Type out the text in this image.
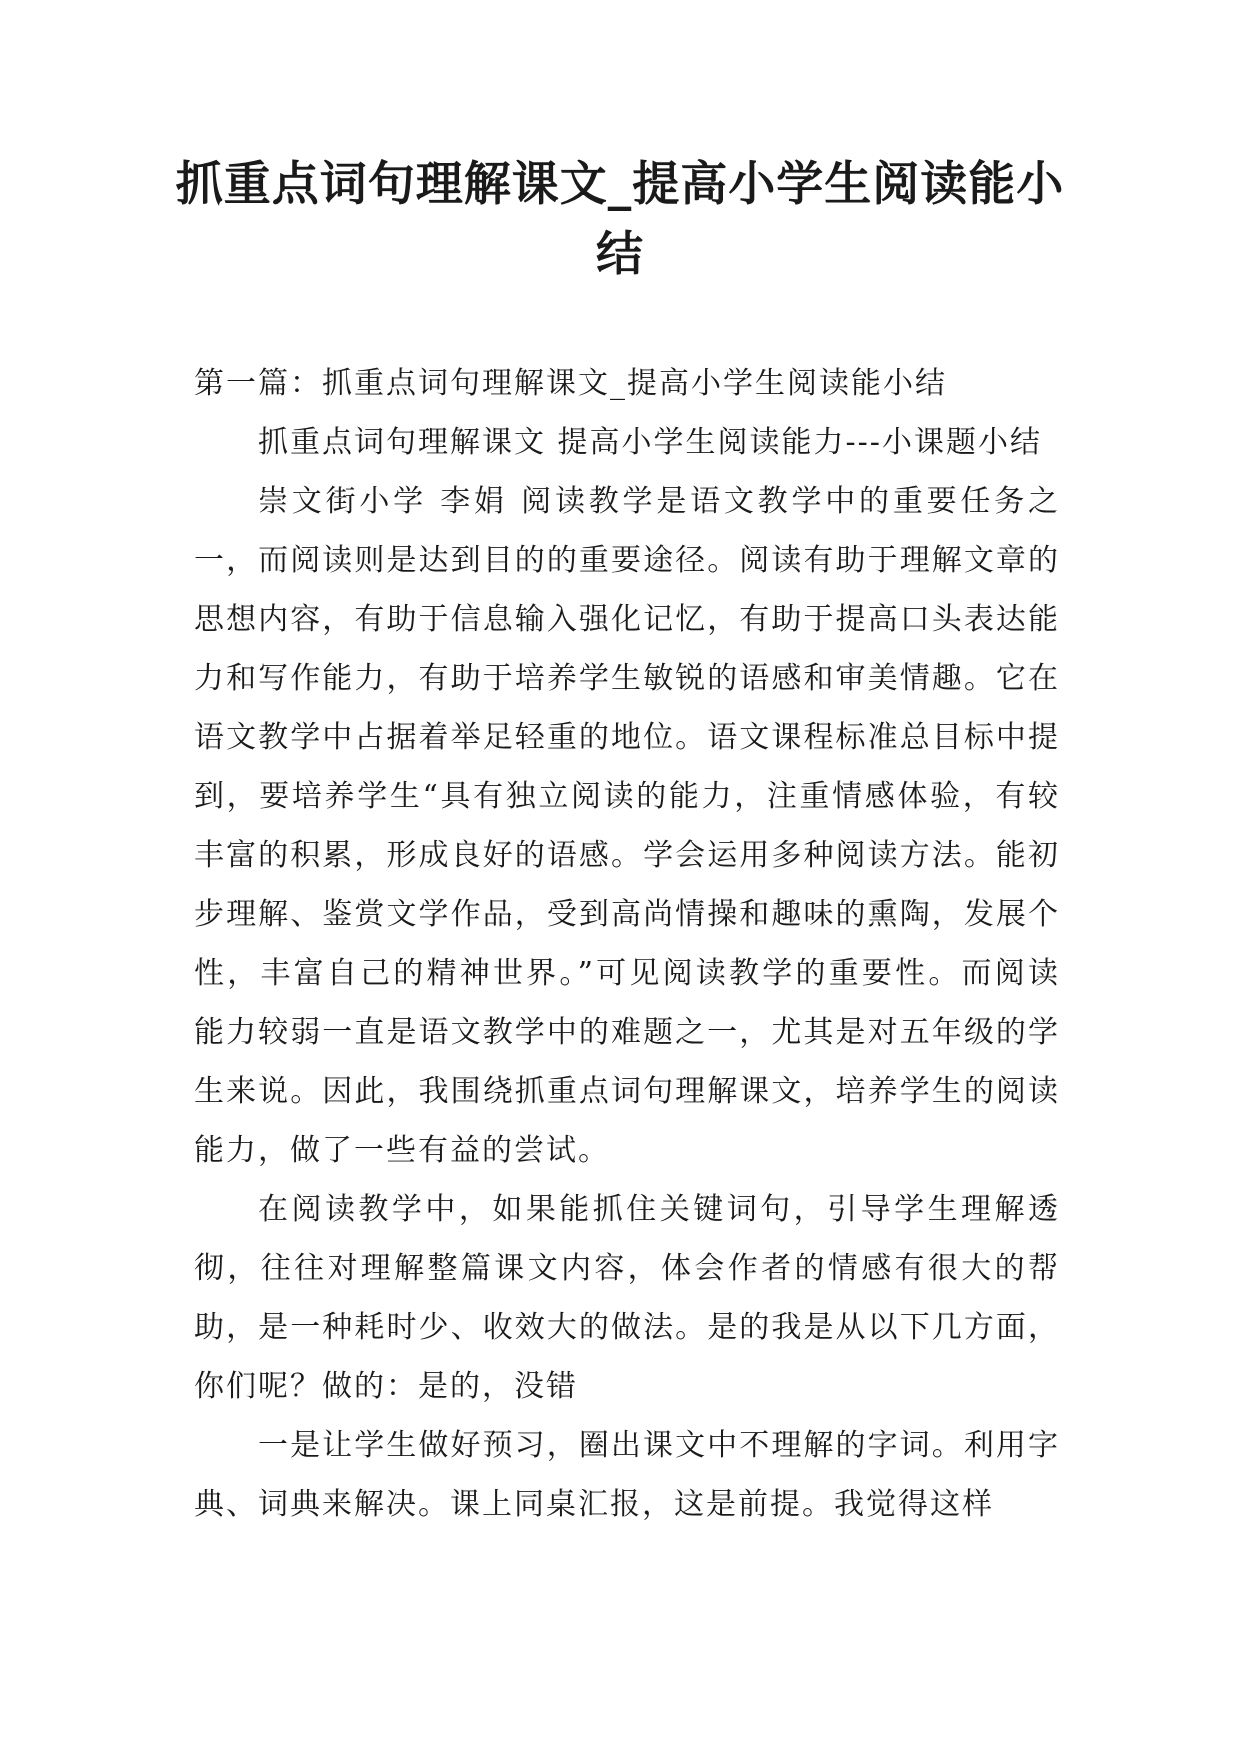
抓重点词句理解课文_提高小学生阅读能小结

第一篇：抓重点词句理解课文_提高小学生阅读能小结

抓重点词句理解课文 提高小学生阅读能力---小课题小结

崇文街小学 李娟 阅读教学是语文教学中的重要任务之一，而阅读则是达到目的的重要途径。阅读有助于理解文章的思想内容，有助于信息输入强化记忆，有助于提高口头表达能力和写作能力，有助于培养学生敏锐的语感和审美情趣。它在语文教学中占据着举足轻重的地位。语文课程标准总目标中提到，要培养学生“具有独立阅读的能力，注重情感体验，有较丰富的积累，形成良好的语感。学会运用多种阅读方法。能初步理解、鉴赏文学作品，受到高尚情操和趣味的熏陶，发展个性，丰富自己的精神世界。”可见阅读教学的重要性。而阅读能力较弱一直是语文教学中的难题之一，尤其是对五年级的学生来说。因此，我围绕抓重点词句理解课文，培养学生的阅读能力，做了一些有益的尝试。

在阅读教学中，如果能抓住关键词句，引导学生理解透彻，往往对理解整篇课文内容，体会作者的情感有很大的帮助，是一种耗时少、收效大的做法。是的我是从以下几方面，你们呢？做的：是的，没错

一是让学生做好预习，圈出课文中不理解的字词。利用字典、词典来解决。课上同桌汇报，这是前提。我觉得这样
